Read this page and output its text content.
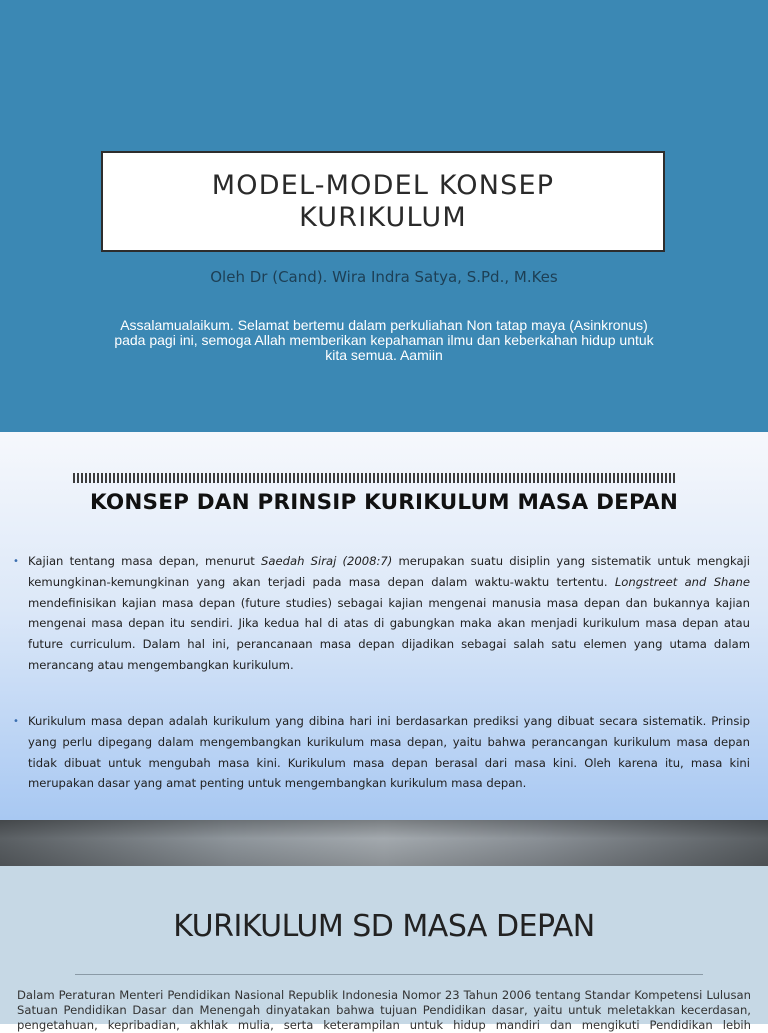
MODEL-MODEL KONSEP
KURIKULUM
Oleh Dr (Cand). Wira Indra Satya, S.Pd., M.Kes
Assalamualaikum. Selamat bertemu dalam perkuliahan Non tatap maya (Asinkronus) pada pagi ini, semoga Allah memberikan kepahaman ilmu dan keberkahan hidup untuk kita semua. Aamiin
KONSEP DAN PRINSIP KURIKULUM MASA DEPAN
• Kajian tentang masa depan, menurut Saedah Siraj (2008:7) merupakan suatu disiplin yang sistematik untuk mengkaji kemungkinan-kemungkinan yang akan terjadi pada masa depan dalam waktu-waktu tertentu. Longstreet and Shane mendefinisikan kajian masa depan (future studies) sebagai kajian mengenai manusia masa depan dan bukannya kajian mengenai masa depan itu sendiri. Jika kedua hal di atas di gabungkan maka akan menjadi kurikulum masa depan atau future curriculum. Dalam hal ini, perancanaan masa depan dijadikan sebagai salah satu elemen yang utama dalam merancang atau mengembangkan kurikulum.
• Kurikulum masa depan adalah kurikulum yang dibina hari ini berdasarkan prediksi yang dibuat secara sistematik. Prinsip yang perlu dipegang dalam mengembangkan kurikulum masa depan, yaitu bahwa perancangan kurikulum masa depan tidak dibuat untuk mengubah masa kini. Kurikulum masa depan berasal dari masa kini. Oleh karena itu, masa kini merupakan dasar yang amat penting untuk mengembangkan kurikulum masa depan.
KURIKULUM SD MASA DEPAN
Dalam Peraturan Menteri Pendidikan Nasional Republik Indonesia Nomor 23 Tahun 2006 tentang Standar Kompetensi Lulusan Satuan Pendidikan Dasar dan Menengah dinyatakan bahwa tujuan Pendidikan dasar, yaitu untuk meletakkan kecerdasan, pengetahuan, kepribadian, akhlak mulia, serta keterampilan untuk hidup mandiri dan mengikuti Pendidikan lebih
